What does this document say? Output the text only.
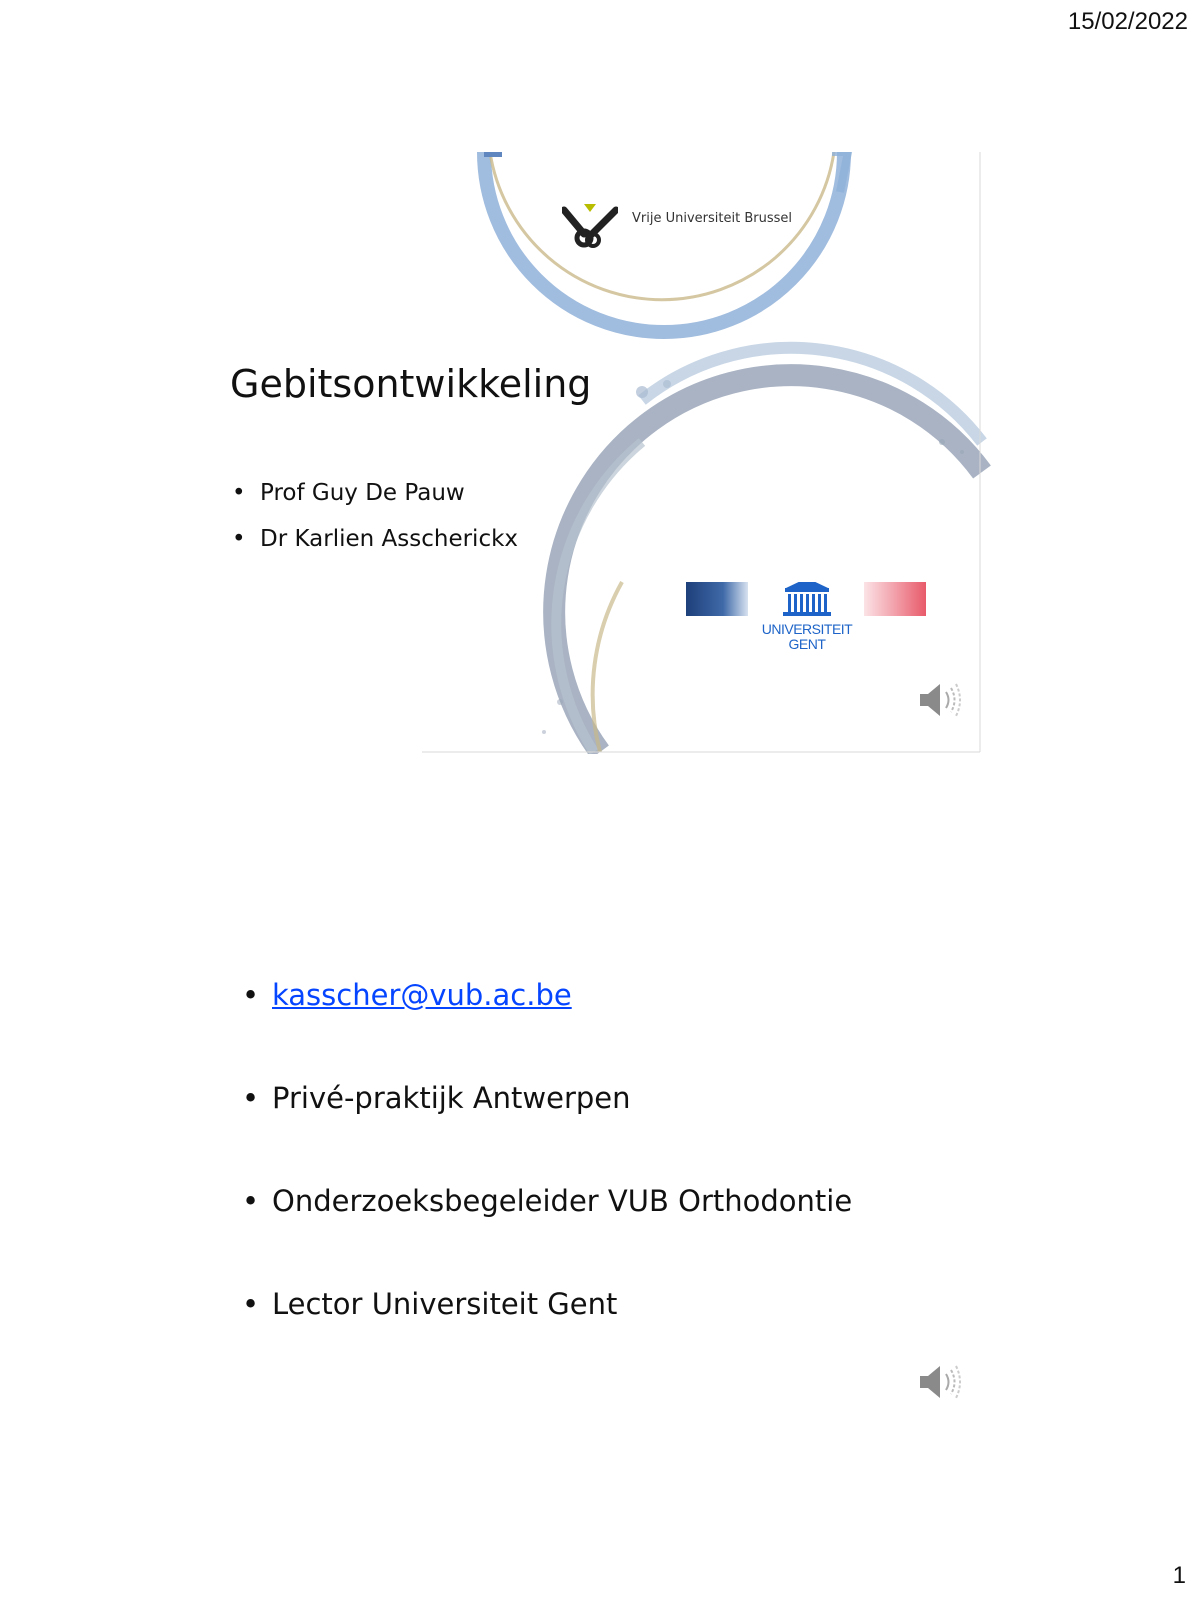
15/02/2022
Vrije Universiteit Brussel
Gebitsontwikkeling
• Prof Guy De Pauw
• Dr Karlien Asscherickx
UNIVERSITEIT
GENT
• kasscher@vub.ac.be
• Privé-praktijk Antwerpen
• Onderzoeksbegeleider VUB Orthodontie
• Lector Universiteit Gent
1
